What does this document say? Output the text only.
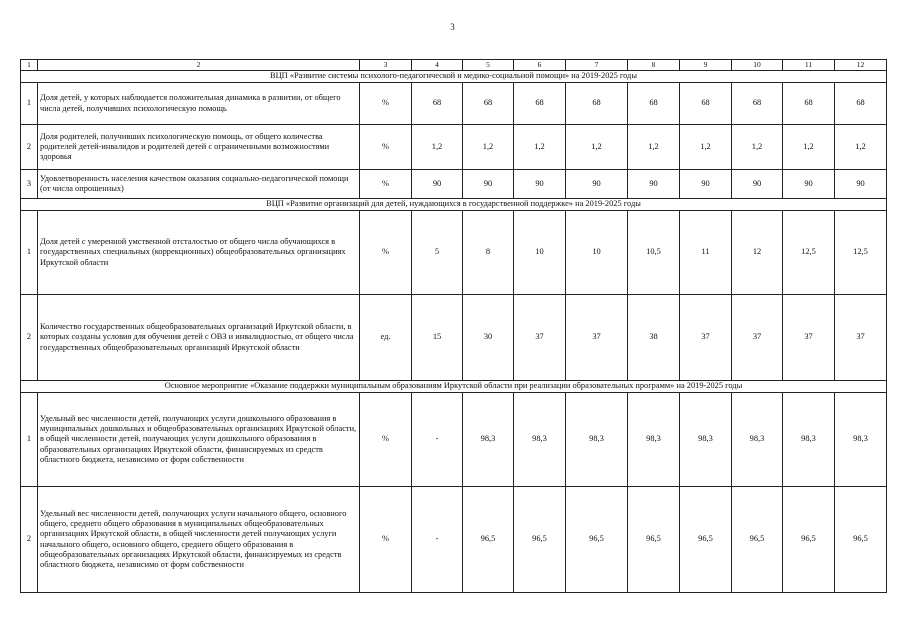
3
1	2	3	4	5	6	7	8	9	10	11	12
ВЦП «Развитие системы психолого-педагогической и медико-социальной помощи» на 2019-2025 годы											
1	Доля детей, у которых наблюдается положительная динамика в развитии, от общего числа детей, получивших психологическую помощь	%	68	68	68	68	68	68	68	68	68
2	Доля родителей, получивших психологическую помощь, от общего количества родителей детей-инвалидов и родителей детей с ограниченными возможностями здоровья	%	1,2	1,2	1,2	1,2	1,2	1,2	1,2	1,2	1,2
3	Удовлетворенность населения качеством оказания социально-педагогической помощи (от числа опрошенных)	%	90	90	90	90	90	90	90	90	90
ВЦП «Развитие организаций для детей, нуждающихся в государственной поддержке» на 2019-2025 годы											
1	Доля детей с умеренной умственной отсталостью от общего числа обучающихся в государственных специальных (коррекционных) общеобразовательных организациях Иркутской области	%	5	8	10	10	10,5	11	12	12,5	12,5
2	Количество государственных общеобразовательных организаций Иркутской области, в которых созданы условия для обучения детей с ОВЗ и инвалидностью, от общего числа государственных общеобразовательных организаций Иркутской области	ед.	15	30	37	37	38	37	37	37	37
Основное мероприятие «Оказание поддержки муниципальным образованиям Иркутской области при реализации образовательных программ» на 2019-2025 годы											
1	Удельный вес численности детей, получающих услуги дошкольного образования в муниципальных дошкольных и общеобразовательных организациях Иркутской области, в общей численности детей, получающих услуги дошкольного образования в образовательных организациях Иркутской области, финансируемых из средств областного бюджета, независимо от форм собственности	%	-	98,3	98,3	98,3	98,3	98,3	98,3	98,3	98,3
2	Удельный вес численности детей, получающих услуги начального общего, основного общего, среднего общего образования в муниципальных общеобразовательных организациях Иркутской области, в общей численности детей получающих услуги начального общего, основного общего, среднего общего образования в общеобразовательных организациях Иркутской области, финансируемых из средств областного бюджета, независимо от форм собственности	%	-	96,5	96,5	96,5	96,5	96,5	96,5	96,5	96,5
